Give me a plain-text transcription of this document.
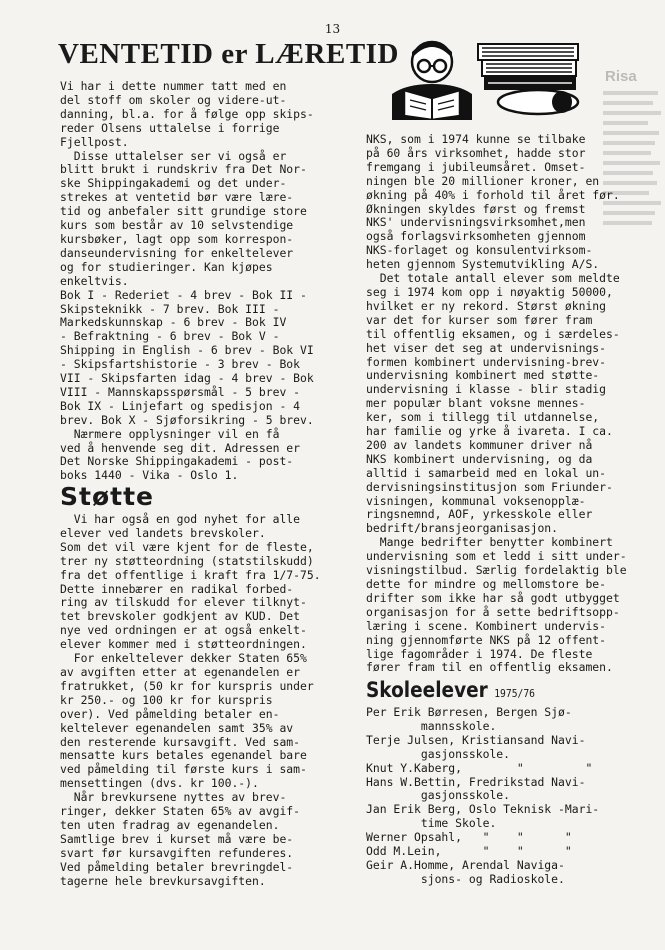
13
VENTETID er LÆRETID
Risa

Vi har i dette nummer tatt med en

del stoff om skoler og videre-ut-

danning, bl.a. for å følge opp skips-

reder Olsens uttalelse i forrige

Fjellpost.

Disse uttalelser ser vi også er

blitt brukt i rundskriv fra Det Nor-

ske Shippingakademi og det under-

strekes at ventetid bør være lære-

tid og anbefaler sitt grundige store

kurs som består av 10 selvstendige

kursbøker, lagt opp som korrespon-

danseundervisning for enkeltelever

og for studieringer. Kan kjøpes

enkeltvis.

Bok I - Rederiet - 4 brev - Bok II -

Skipsteknikk - 7 brev. Bok III -

Markedskunnskap - 6 brev - Bok IV

- Befraktning - 6 brev - Bok V -

Shipping in English - 6 brev - Bok VI

- Skipsfartshistorie - 3 brev - Bok

VII - Skipsfarten idag - 4 brev - Bok

VIII - Mannskapsspørsmål - 5 brev -

Bok IX - Linjefart og spedisjon - 4

brev. Bok X - Sjøforsikring - 5 brev.

Nærmere opplysninger vil en få

ved å henvende seg dit. Adressen er

Det Norske Shippingakademi - post-

boks 1440 - Vika - Oslo 1.

Støtte

Vi har også en god nyhet for alle

elever ved landets brevskoler.

Som det vil være kjent for de fleste,

trer ny støtteordning (statstilskudd)

fra det offentlige i kraft fra 1/7-75.

Dette innebærer en radikal forbed-

ring av tilskudd for elever tilknyt-

tet brevskoler godkjent av KUD. Det

nye ved ordningen er at også enkelt-

elever kommer med i støtteordningen.

For enkeltelever dekker Staten 65%

av avgiften etter at egenandelen er

fratrukket, (50 kr for kurspris under

kr 250.- og 100 kr for kurspris

over). Ved påmelding betaler en-

keltelever egenandelen samt 35% av

den resterende kursavgift. Ved sam-

mensatte kurs betales egenandel bare

ved påmelding til første kurs i sam-

mensettingen (dvs. kr 100.-).

Når brevkursene nyttes av brev-

ringer, dekker Staten 65% av avgif-

ten uten fradrag av egenandelen.

Samtlige brev i kurset må være be-

svart før kursavgiften refunderes.

Ved påmelding betaler brevringdel-

tagerne hele brevkursavgiften.

NKS, som i 1974 kunne se tilbake

på 60 års virksomhet, hadde stor

fremgang i jubileumsåret. Omset-

ningen ble 20 millioner kroner, en

økning på 40% i forhold til året før.

Økningen skyldes først og fremst

NKS' undervisningsvirksomhet,men

også forlagsvirksomheten gjennom

NKS-forlaget og konsulentvirksom-

heten gjennom Systemutvikling A/S.

Det totale antall elever som meldte

seg i 1974 kom opp i nøyaktig 50000,

hvilket er ny rekord. Størst økning

var det for kurser som fører fram

til offentlig eksamen, og i særdeles-

het viser det seg at undervisnings-

formen kombinert undervisning-brev-

undervisning kombinert med støtte-

undervisning i klasse - blir stadig

mer populær blant voksne mennes-

ker, som i tillegg til utdannelse,

har familie og yrke å ivareta. I ca.

200 av landets kommuner driver nå

NKS kombinert undervisning, og da

alltid i samarbeid med en lokal un-

dervisningsinstitusjon som Friunder-

visningen, kommunal voksenopplæ-

ringsnemnd, AOF, yrkesskole eller

bedrift/bransjeorganisasjon.

Mange bedrifter benytter kombinert

undervisning som et ledd i sitt under-

visningstilbud. Særlig fordelaktig ble

dette for mindre og mellomstore be-

drifter som ikke har så godt utbygget

organisasjon for å sette bedriftsopp-

læring i scene. Kombinert undervis-

ning gjennomførte NKS på 12 offent-

lige fagområder i 1974. De fleste

fører fram til en offentlig eksamen.

Skoleelever 1975/76

Per Erik Børresen, Bergen Sjø-

mannsskole.

Terje Julsen, Kristiansand Navi-

gasjonsskole.

Knut Y.Kaberg,        "         "

Hans W.Bettin, Fredrikstad Navi-

gasjonsskole.

Jan Erik Berg, Oslo Teknisk -Mari-

time Skole.

Werner Opsahl,   "    "      "

Odd M.Lein,      "    "      "

Geir A.Homme, Arendal Naviga-

sjons- og Radioskole.
